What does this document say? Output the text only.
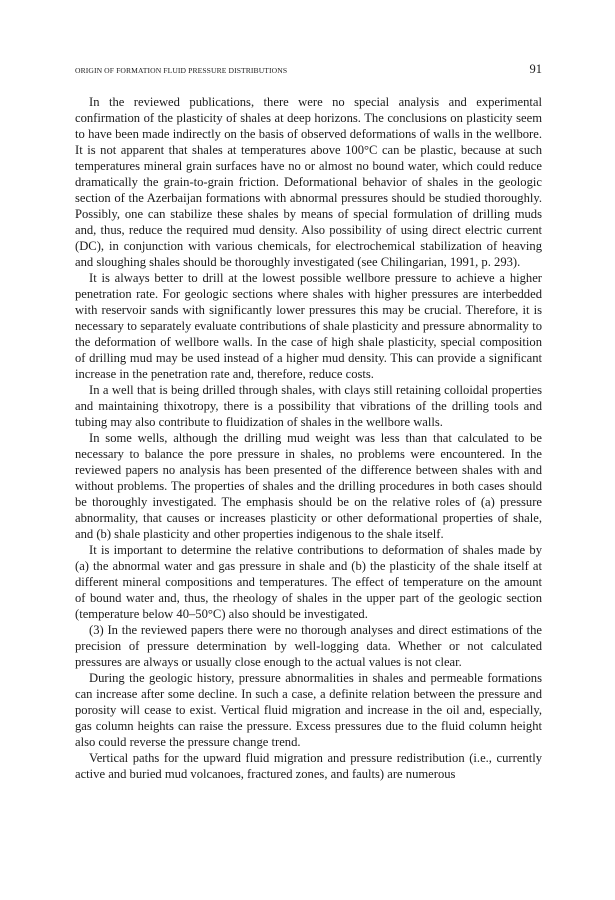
ORIGIN OF FORMATION FLUID PRESSURE DISTRIBUTIONS	91

In the reviewed publications, there were no special analysis and experimental confirmation of the plasticity of shales at deep horizons. The conclusions on plasticity seem to have been made indirectly on the basis of observed deformations of walls in the wellbore. It is not apparent that shales at temperatures above 100°C can be plastic, because at such temperatures mineral grain surfaces have no or almost no bound water, which could reduce dramatically the grain-to-grain friction. Deformational behavior of shales in the geologic section of the Azerbaijan formations with abnormal pressures should be studied thoroughly. Possibly, one can stabilize these shales by means of special formulation of drilling muds and, thus, reduce the required mud density. Also possibility of using direct electric current (DC), in conjunction with various chemicals, for electrochemical stabilization of heaving and sloughing shales should be thoroughly investigated (see Chilingarian, 1991, p. 293).

It is always better to drill at the lowest possible wellbore pressure to achieve a higher penetration rate. For geologic sections where shales with higher pressures are interbedded with reservoir sands with significantly lower pressures this may be crucial. Therefore, it is necessary to separately evaluate contributions of shale plasticity and pressure abnormality to the deformation of wellbore walls. In the case of high shale plasticity, special composition of drilling mud may be used instead of a higher mud density. This can provide a significant increase in the penetration rate and, therefore, reduce costs.

In a well that is being drilled through shales, with clays still retaining colloidal properties and maintaining thixotropy, there is a possibility that vibrations of the drilling tools and tubing may also contribute to fluidization of shales in the wellbore walls.

In some wells, although the drilling mud weight was less than that calculated to be necessary to balance the pore pressure in shales, no problems were encountered. In the reviewed papers no analysis has been presented of the difference between shales with and without problems. The properties of shales and the drilling procedures in both cases should be thoroughly investigated. The emphasis should be on the relative roles of (a) pressure abnormality, that causes or increases plasticity or other deformational properties of shale, and (b) shale plasticity and other properties indigenous to the shale itself.

It is important to determine the relative contributions to deformation of shales made by (a) the abnormal water and gas pressure in shale and (b) the plasticity of the shale itself at different mineral compositions and temperatures. The effect of temperature on the amount of bound water and, thus, the rheology of shales in the upper part of the geologic section (temperature below 40–50°C) also should be investigated.

(3) In the reviewed papers there were no thorough analyses and direct estimations of the precision of pressure determination by well-logging data. Whether or not calculated pressures are always or usually close enough to the actual values is not clear.

During the geologic history, pressure abnormalities in shales and permeable formations can increase after some decline. In such a case, a definite relation between the pressure and porosity will cease to exist. Vertical fluid migration and increase in the oil and, especially, gas column heights can raise the pressure. Excess pressures due to the fluid column height also could reverse the pressure change trend.

Vertical paths for the upward fluid migration and pressure redistribution (i.e., currently active and buried mud volcanoes, fractured zones, and faults) are numerous
